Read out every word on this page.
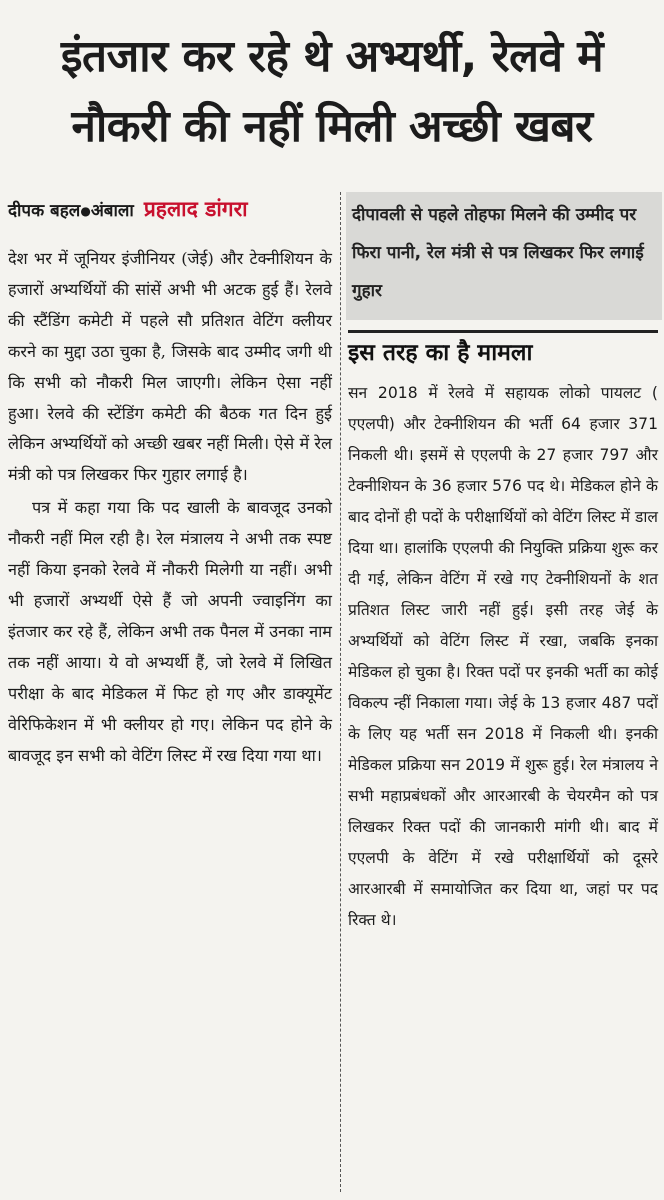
इंतजार कर रहे थे अभ्यर्थी, रेलवे में
नौकरी की नहीं मिली अच्छी खबर
दीपक बहल●अंबाला प्रहलाद डांगरा

देश भर में जूनियर इंजीनियर (जेई) और टेक्नीशियन के हजारों अभ्यर्थियों की सांसें अभी भी अटक हुई हैं। रेलवे की स्टैंडिंग कमेटी में पहले सौ प्रतिशत वेटिंग क्लीयर करने का मुद्दा उठा चुका है, जिसके बाद उम्मीद जगी थी कि सभी को नौकरी मिल जाएगी। लेकिन ऐसा नहीं हुआ। रेलवे की स्टेंडिंग कमेटी की बैठक गत दिन हुई लेकिन अभ्यर्थियों को अच्छी खबर नहीं मिली। ऐसे में रेल मंत्री को पत्र लिखकर फिर गुहार लगाई है।

पत्र में कहा गया कि पद खाली के बावजूद उनको नौकरी नहीं मिल रही है। रेल मंत्रालय ने अभी तक स्पष्ट नहीं किया इनको रेलवे में नौकरी मिलेगी या नहीं। अभी भी हजारों अभ्यर्थी ऐसे हैं जो अपनी ज्वाइनिंग का इंतजार कर रहे हैं, लेकिन अभी तक पैनल में उनका नाम तक नहीं आया। ये वो अभ्यर्थी हैं, जो रेलवे में लिखित परीक्षा के बाद मेडिकल में फिट हो गए और डाक्यूमेंट वेरिफिकेशन में भी क्लीयर हो गए। लेकिन पद होने के बावजूद इन सभी को वेटिंग लिस्ट में रख दिया गया था।

दीपावली से पहले तोहफा मिलने की उम्मीद पर फिरा पानी, रेल मंत्री से पत्र लिखकर फिर लगाई गुहार
इस तरह का है मामला

सन 2018 में रेलवे में सहायक लोको पायलट ( एएलपी) और टेक्नीशियन की भर्ती 64 हजार 371 निकली थी। इसमें से एएलपी के 27 हजार 797 और टेक्नीशियन के 36 हजार 576 पद थे। मेडिकल होने के बाद दोनों ही पदों के परीक्षार्थियों को वेटिंग लिस्ट में डाल दिया था। हालांकि एएलपी की नियुक्ति प्रक्रिया शुरू कर दी गई, लेकिन वेटिंग में रखे गए टेक्नीशियनों के शत प्रतिशत लिस्ट जारी नहीं हुई। इसी तरह जेई के अभ्यर्थियों को वेटिंग लिस्ट में रखा, जबकि इनका मेडिकल हो चुका है। रिक्त पदों पर इनकी भर्ती का कोई विकल्प न्हीं निकाला गया। जेई के 13 हजार 487 पदों के लिए यह भर्ती सन 2018 में निकली थी। इनकी मेडिकल प्रक्रिया सन 2019 में शुरू हुई। रेल मंत्रालय ने सभी महाप्रबंधकों और आरआरबी के चेयरमैन को पत्र लिखकर रिक्त पदों की जानकारी मांगी थी। बाद में एएलपी के वेटिंग में रखे परीक्षार्थियों को दूसरे आरआरबी में समायोजित कर दिया था, जहां पर पद रिक्त थे।
